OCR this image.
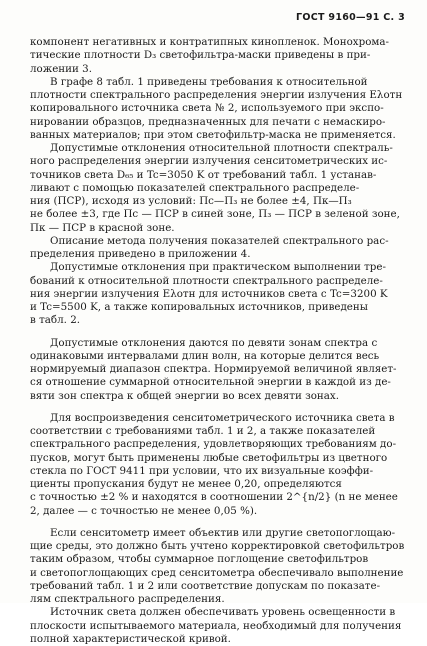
ГОСТ 9160—91 С. 3
компонент негативных и контратипных кинопленок. Монохрома-
тические плотности D₃ светофильтра-маски приведены в при-
ложении 3.
В графе 8 табл. 1 приведены требования к относительной
плотности спектрального распределения энергии излучения Eλотн
копировального источника света № 2, используемого при экспо-
нировании образцов, предназначенных для печати с немаскиро-
ванных материалов; при этом светофильтр-маска не применяется.
Допустимые отклонения относительной плотности спектраль-
ного распределения энергии излучения сенситометрических ис-
точников света D₆₅ и Tc=3050 K от требований табл. 1 устанав-
ливают с помощью показателей спектрального распределе-
ния (ПСР), исходя из условий: Пс—П₃ не более ±4, Пк—П₃
не более ±3, где Пс — ПСР в синей зоне, П₃ — ПСР в зеленой зоне,
Пк — ПСР в красной зоне.
Описание метода получения показателей спектрального рас-
пределения приведено в приложении 4.
Допустимые отклонения при практическом выполнении тре-
бований к относительной плотности спектрального распределе-
ния энергии излучения Eλотн для источников света с Tc=3200 K
и Tc=5500 K, а также копировальных источников, приведены
в табл. 2.
Допустимые отклонения даются по девяти зонам спектра с
одинаковыми интервалами длин волн, на которые делится весь
нормируемый диапазон спектра. Нормируемой величиной являет-
ся отношение суммарной относительной энергии в каждой из де-
вяти зон спектра к общей энергии во всех девяти зонах.
Для воспроизведения сенситометрического источника света в
соответствии с требованиями табл. 1 и 2, а также показателей
спектрального распределения, удовлетворяющих требованиям до-
пусков, могут быть применены любые светофильтры из цветного
стекла по ГОСТ 9411 при условии, что их визуальные коэффи-
циенты пропускания будут не менее 0,20, определяются
с точностью ±2 % и находятся в соотношении 2^{n/2} (n не менее
2, далее — с точностью не менее 0,05 %).
Если сенситометр имеет объектив или другие светопоглощаю-
щие среды, это должно быть учтено корректировкой светофильтров
таким образом, чтобы суммарное поглощение светофильтров
и светопоглощающих сред сенситометра обеспечивало выполнение
требований табл. 1 и 2 или соответствие допускам по показате-
лям спектрального распределения.
Источник света должен обеспечивать уровень освещенности в
плоскости испытываемого материала, необходимый для получения
полной характеристической кривой.
